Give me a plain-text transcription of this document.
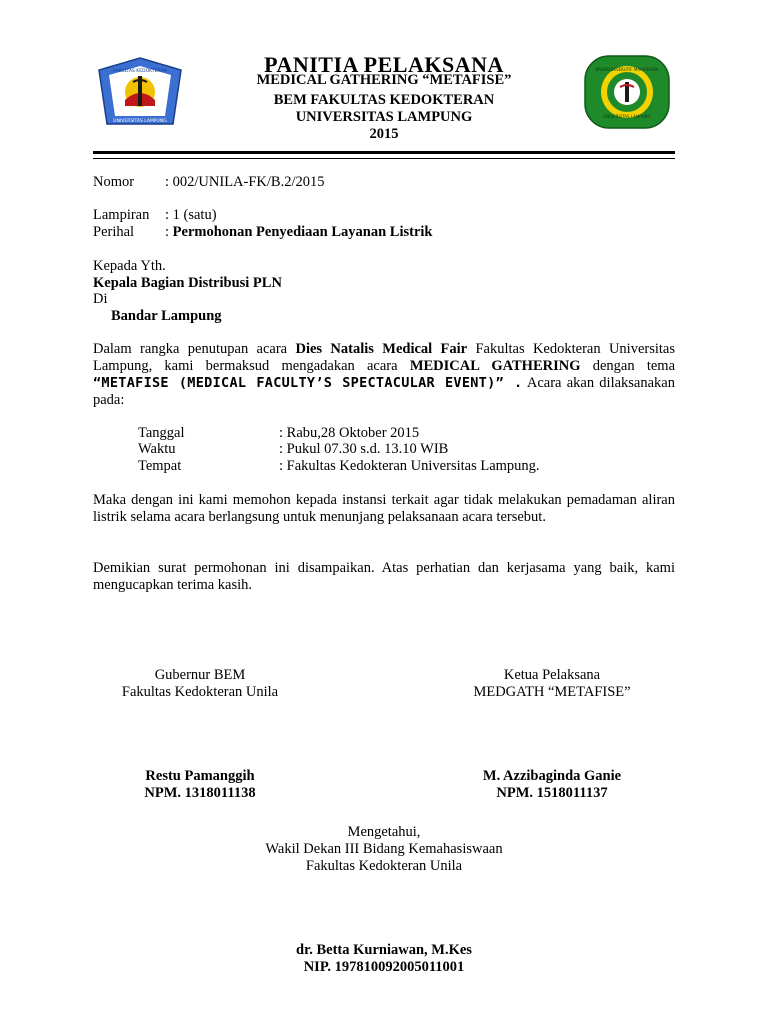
FAKULTAS KEDOKTERAN
UNIVERSITAS LAMPUNG
BADAN EKSEKUTIF MAHASISWA
UNIVERSITAS LAMPUNG
PANITIA PELAKSANA
MEDICAL GATHERING “METAFISE”
BEM FAKULTAS KEDOKTERAN
UNIVERSITAS LAMPUNG
2015
Nomor : 002/UNILA-FK/B.2/2015
Lampiran : 1 (satu)
Perihal : Permohonan Penyediaan Layanan Listrik
Kepada Yth.
Kepala Bagian Distribusi PLN
Di
Bandar Lampung
Dalam rangka penutupan acara Dies Natalis Medical Fair Fakultas Kedokteran Universitas Lampung, kami bermaksud mengadakan acara MEDICAL GATHERING dengan tema “METAFISE (MEDICAL FACULTY’S SPECTACULAR EVENT)” . Acara akan dilaksanakan pada:
Tanggal	: Rabu,28 Oktober 2015
Waktu	: Pukul 07.30 s.d. 13.10 WIB
Tempat	: Fakultas Kedokteran Universitas Lampung.
Maka dengan ini kami memohon kepada instansi terkait agar tidak melakukan pemadaman aliran listrik selama acara berlangsung untuk menunjang pelaksanaan acara tersebut.
Demikian surat permohonan ini disampaikan. Atas perhatian dan kerjasama yang baik, kami mengucapkan terima kasih.
Gubernur BEM
Fakultas Kedokteran Unila
Restu Pamanggih
NPM. 1318011138
Ketua Pelaksana
MEDGATH “METAFISE”
M. Azzibaginda Ganie
NPM. 1518011137
Mengetahui,
Wakil Dekan III Bidang Kemahasiswaan
Fakultas Kedokteran Unila
dr. Betta Kurniawan, M.Kes
NIP. 197810092005011001
